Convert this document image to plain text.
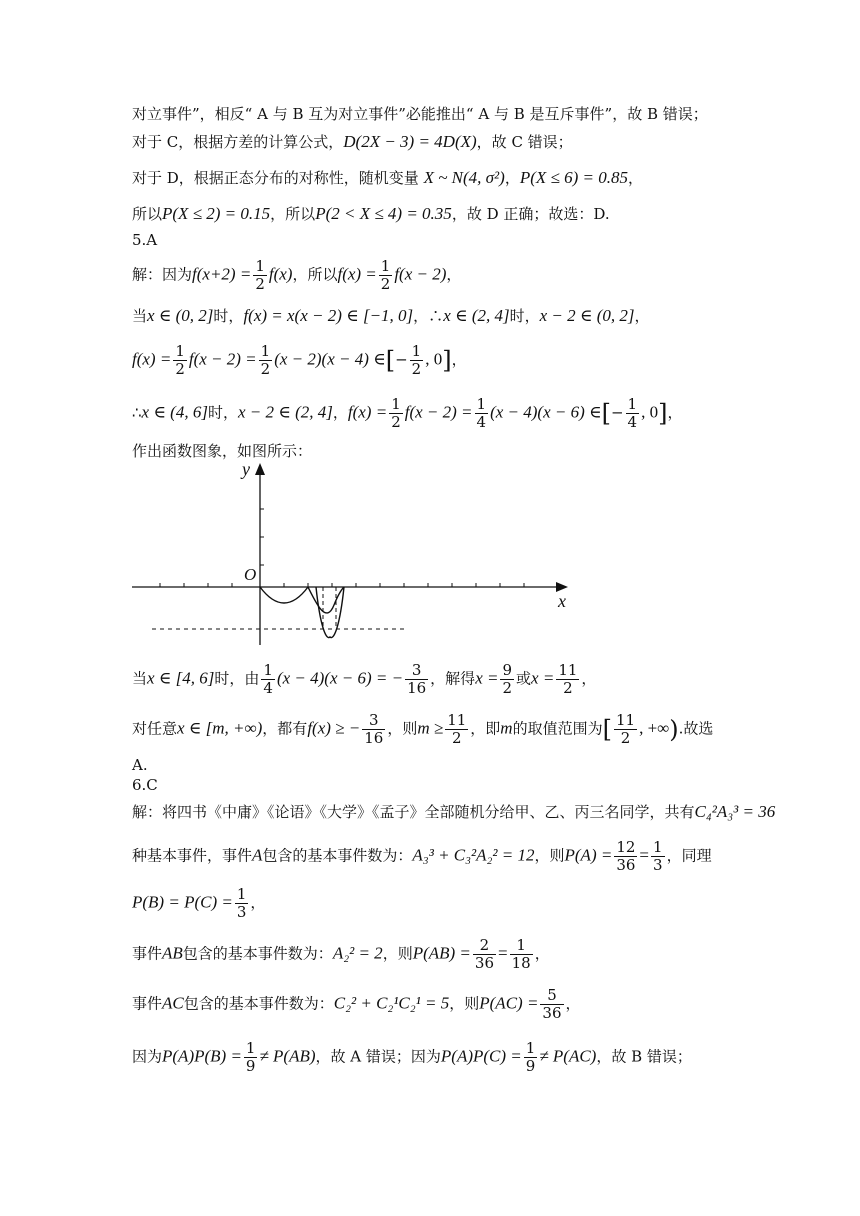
对立事件”，相反“ A 与 B 互为对立事件”必能推出“ A 与 B 是互斥事件”，故 B 错误；
对于 C，根据方差的计算公式，D(2X − 3) = 4D(X)，故 C 错误；
对于 D，根据正态分布的对称性，随机变量 X ~ N(4, σ²)，P(X ≤ 6) = 0.85，
所以P(X ≤ 2) = 0.15，所以P(2 < X ≤ 4) = 0.35，故 D 正确；故选：D.
5.A
解：因为$f(x+2) = \frac{1}{2} f(x)$，所以$f(x) = \frac{1}{2} f(x - 2)$，
当x ∈ (0, 2]时，f(x) = x(x − 2) ∈ [−1, 0]，∴x ∈ (2, 4]时，x − 2 ∈ (0, 2]，
$f(x) = \frac{1}{2} f(x - 2) = \frac{1}{2} (x - 2)(x - 4)$ ∈[− $\frac{1}{2}$ , 0]，
∴x ∈ (4, 6]时，x − 2 ∈ (2, 4]，$f(x) = \frac{1}{2} f(x - 2) = \frac{1}{4} (x - 4)(x - 6)$ ∈[− $\frac{1}{4}$ , 0]，
作出函数图象，如图所示：
O
y
x
当x ∈ [4, 6]时，由 $\frac{1}{4} (x - 4)(x - 6)$ = − $\frac{3}{16}$ ，解得$x = \frac{9}{2}$ 或$x = \frac{11}{2}$ ，
对任意x ∈ [m, +∞)，都有f(x) ≥ − $\frac{3}{16}$ ，则$m \ge \frac{11}{2}$ ，即m的取值范围为[ $\frac{11}{2}$ , +∞).故选
A.
6.C
解：将四书《中庸》《论语》《大学》《孟子》全部随机分给甲、乙、丙三名同学，共有C₄²A₃³ = 36
种基本事件，事件A包含的基本事件数为：A₃³ + C₃²A₂² = 12，则$P(A) = \frac{12}{36} = \frac{1}{3}$ ，同理
$P(B) = P(C) = \frac{1}{3}$ ，
事件AB包含的基本事件数为：A₂² = 2，则$P(AB) = \frac{2}{36} = \frac{1}{18}$ ，
事件AC包含的基本事件数为：C₂² + C₂¹C₂¹ = 5，则$P(AC) = \frac{5}{36}$ ，
因为$P(A)P(B) = \frac{1}{9} \ne P(AB)$，故 A 错误；因为$P(A)P(C) = \frac{1}{9} \ne P(AC)$，故 B 错误；
